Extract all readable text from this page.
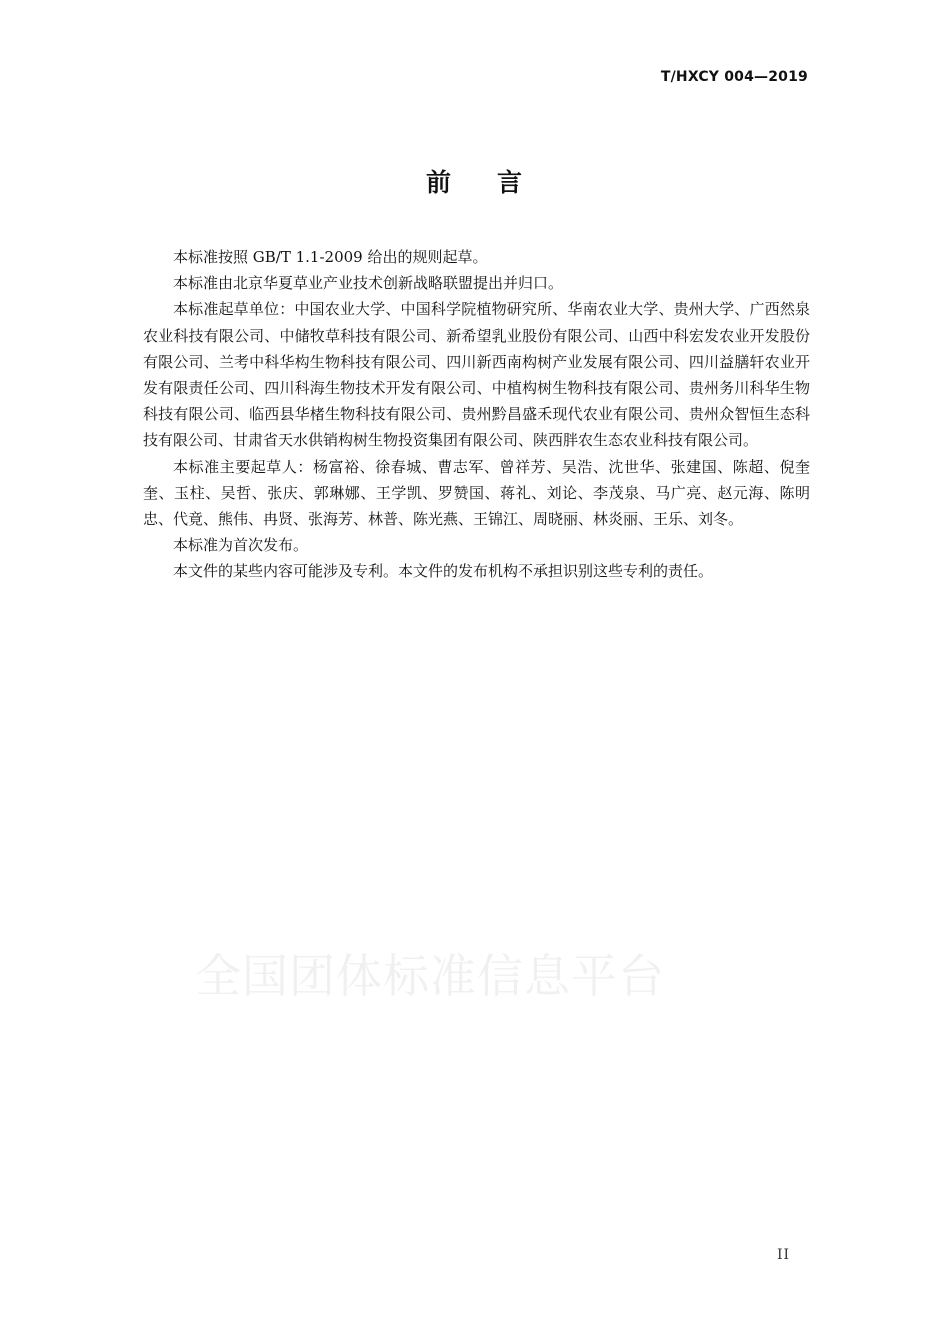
T/HXCY 004—2019
前 言

本标准按照 GB/T 1.1-2009 给出的规则起草。

本标准由北京华夏草业产业技术创新战略联盟提出并归口。

本标准起草单位：中国农业大学、中国科学院植物研究所、华南农业大学、贵州大学、广西然泉农业科技有限公司、中储牧草科技有限公司、新希望乳业股份有限公司、山西中科宏发农业开发股份有限公司、兰考中科华构生物科技有限公司、四川新西南构树产业发展有限公司、四川益膳轩农业开发有限责任公司、四川科海生物技术开发有限公司、中植构树生物科技有限公司、贵州务川科华生物科技有限公司、临西县华楮生物科技有限公司、贵州黔昌盛禾现代农业有限公司、贵州众智恒生态科技有限公司、甘肃省天水供销构树生物投资集团有限公司、陕西胖农生态农业科技有限公司。

本标准主要起草人：杨富裕、徐春城、曹志军、曾祥芳、吴浩、沈世华、张建国、陈超、倪奎奎、玉柱、吴哲、张庆、郭琳娜、王学凯、罗赞国、蒋礼、刘论、李茂泉、马广亮、赵元海、陈明忠、代竟、熊伟、冉贤、张海芳、林普、陈光燕、王锦江、周晓丽、林炎丽、王乐、刘冬。

本标准为首次发布。

本文件的某些内容可能涉及专利。本文件的发布机构不承担识别这些专利的责任。

全国团体标准信息平台
II
